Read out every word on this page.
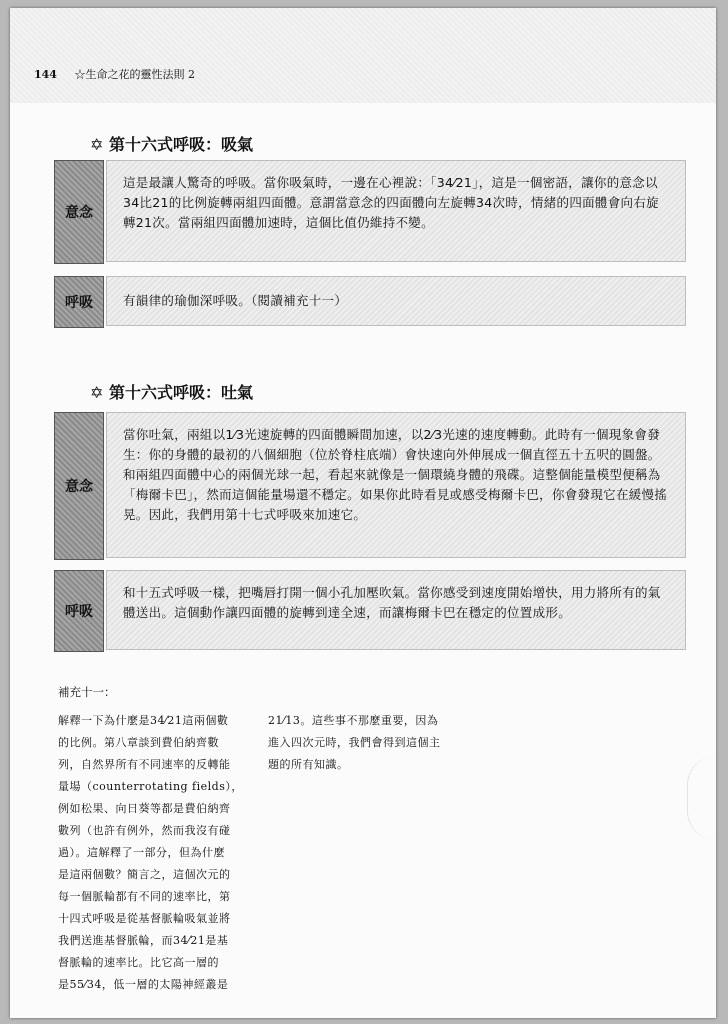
144 ☆生命之花的靈性法則 2
✡ 第十六式呼吸：吸氣
意念

這是最讓人驚奇的呼吸。當你吸氣時，一邊在心裡說：「34⁄21」，這是一個密語，讓你的意念以34比21的比例旋轉兩組四面體。意謂當意念的四面體向左旋轉34次時，情緒的四面體會向右旋轉21次。當兩組四面體加速時，這個比值仍維持不變。

呼吸	有韻律的瑜伽深呼吸。（閱讀補充十一）

✡ 第十六式呼吸：吐氣
意念

當你吐氣，兩組以1⁄3光速旋轉的四面體瞬間加速，以2⁄3光速的速度轉動。此時有一個現象會發生：你的身體的最初的八個細胞（位於脊柱底端）會快速向外伸展成一個直徑五十五呎的圓盤。和兩組四面體中心的兩個光球一起，看起來就像是一個環繞身體的飛碟。這整個能量模型便稱為「梅爾卡巴」，然而這個能量場還不穩定。如果你此時看見或感受梅爾卡巴，你會發現它在緩慢搖晃。因此，我們用第十七式呼吸來加速它。

呼吸

和十五式呼吸一樣，把嘴唇打開一個小孔加壓吹氣。當你感受到速度開始增快，用力將所有的氣體送出。這個動作讓四面體的旋轉到達全速，而讓梅爾卡巴在穩定的位置成形。

補充十一：
解釋一下為什麼是34⁄21這兩個數
的比例。第八章談到費伯納齊數
列，自然界所有不同速率的反轉能
量場（counterrotating fields），
例如松果、向日葵等都是費伯納齊
數列（也許有例外，然而我沒有碰
過）。這解釋了一部分，但為什麼
是這兩個數？簡言之，這個次元的
每一個脈輪都有不同的速率比，第
十四式呼吸是從基督脈輪吸氣並將
我們送進基督脈輪，而34⁄21是基
督脈輪的速率比。比它高一層的
是55⁄34，低一層的太陽神經叢是
21⁄13。這些事不那麼重要，因為
進入四次元時，我們會得到這個主
題的所有知識。
